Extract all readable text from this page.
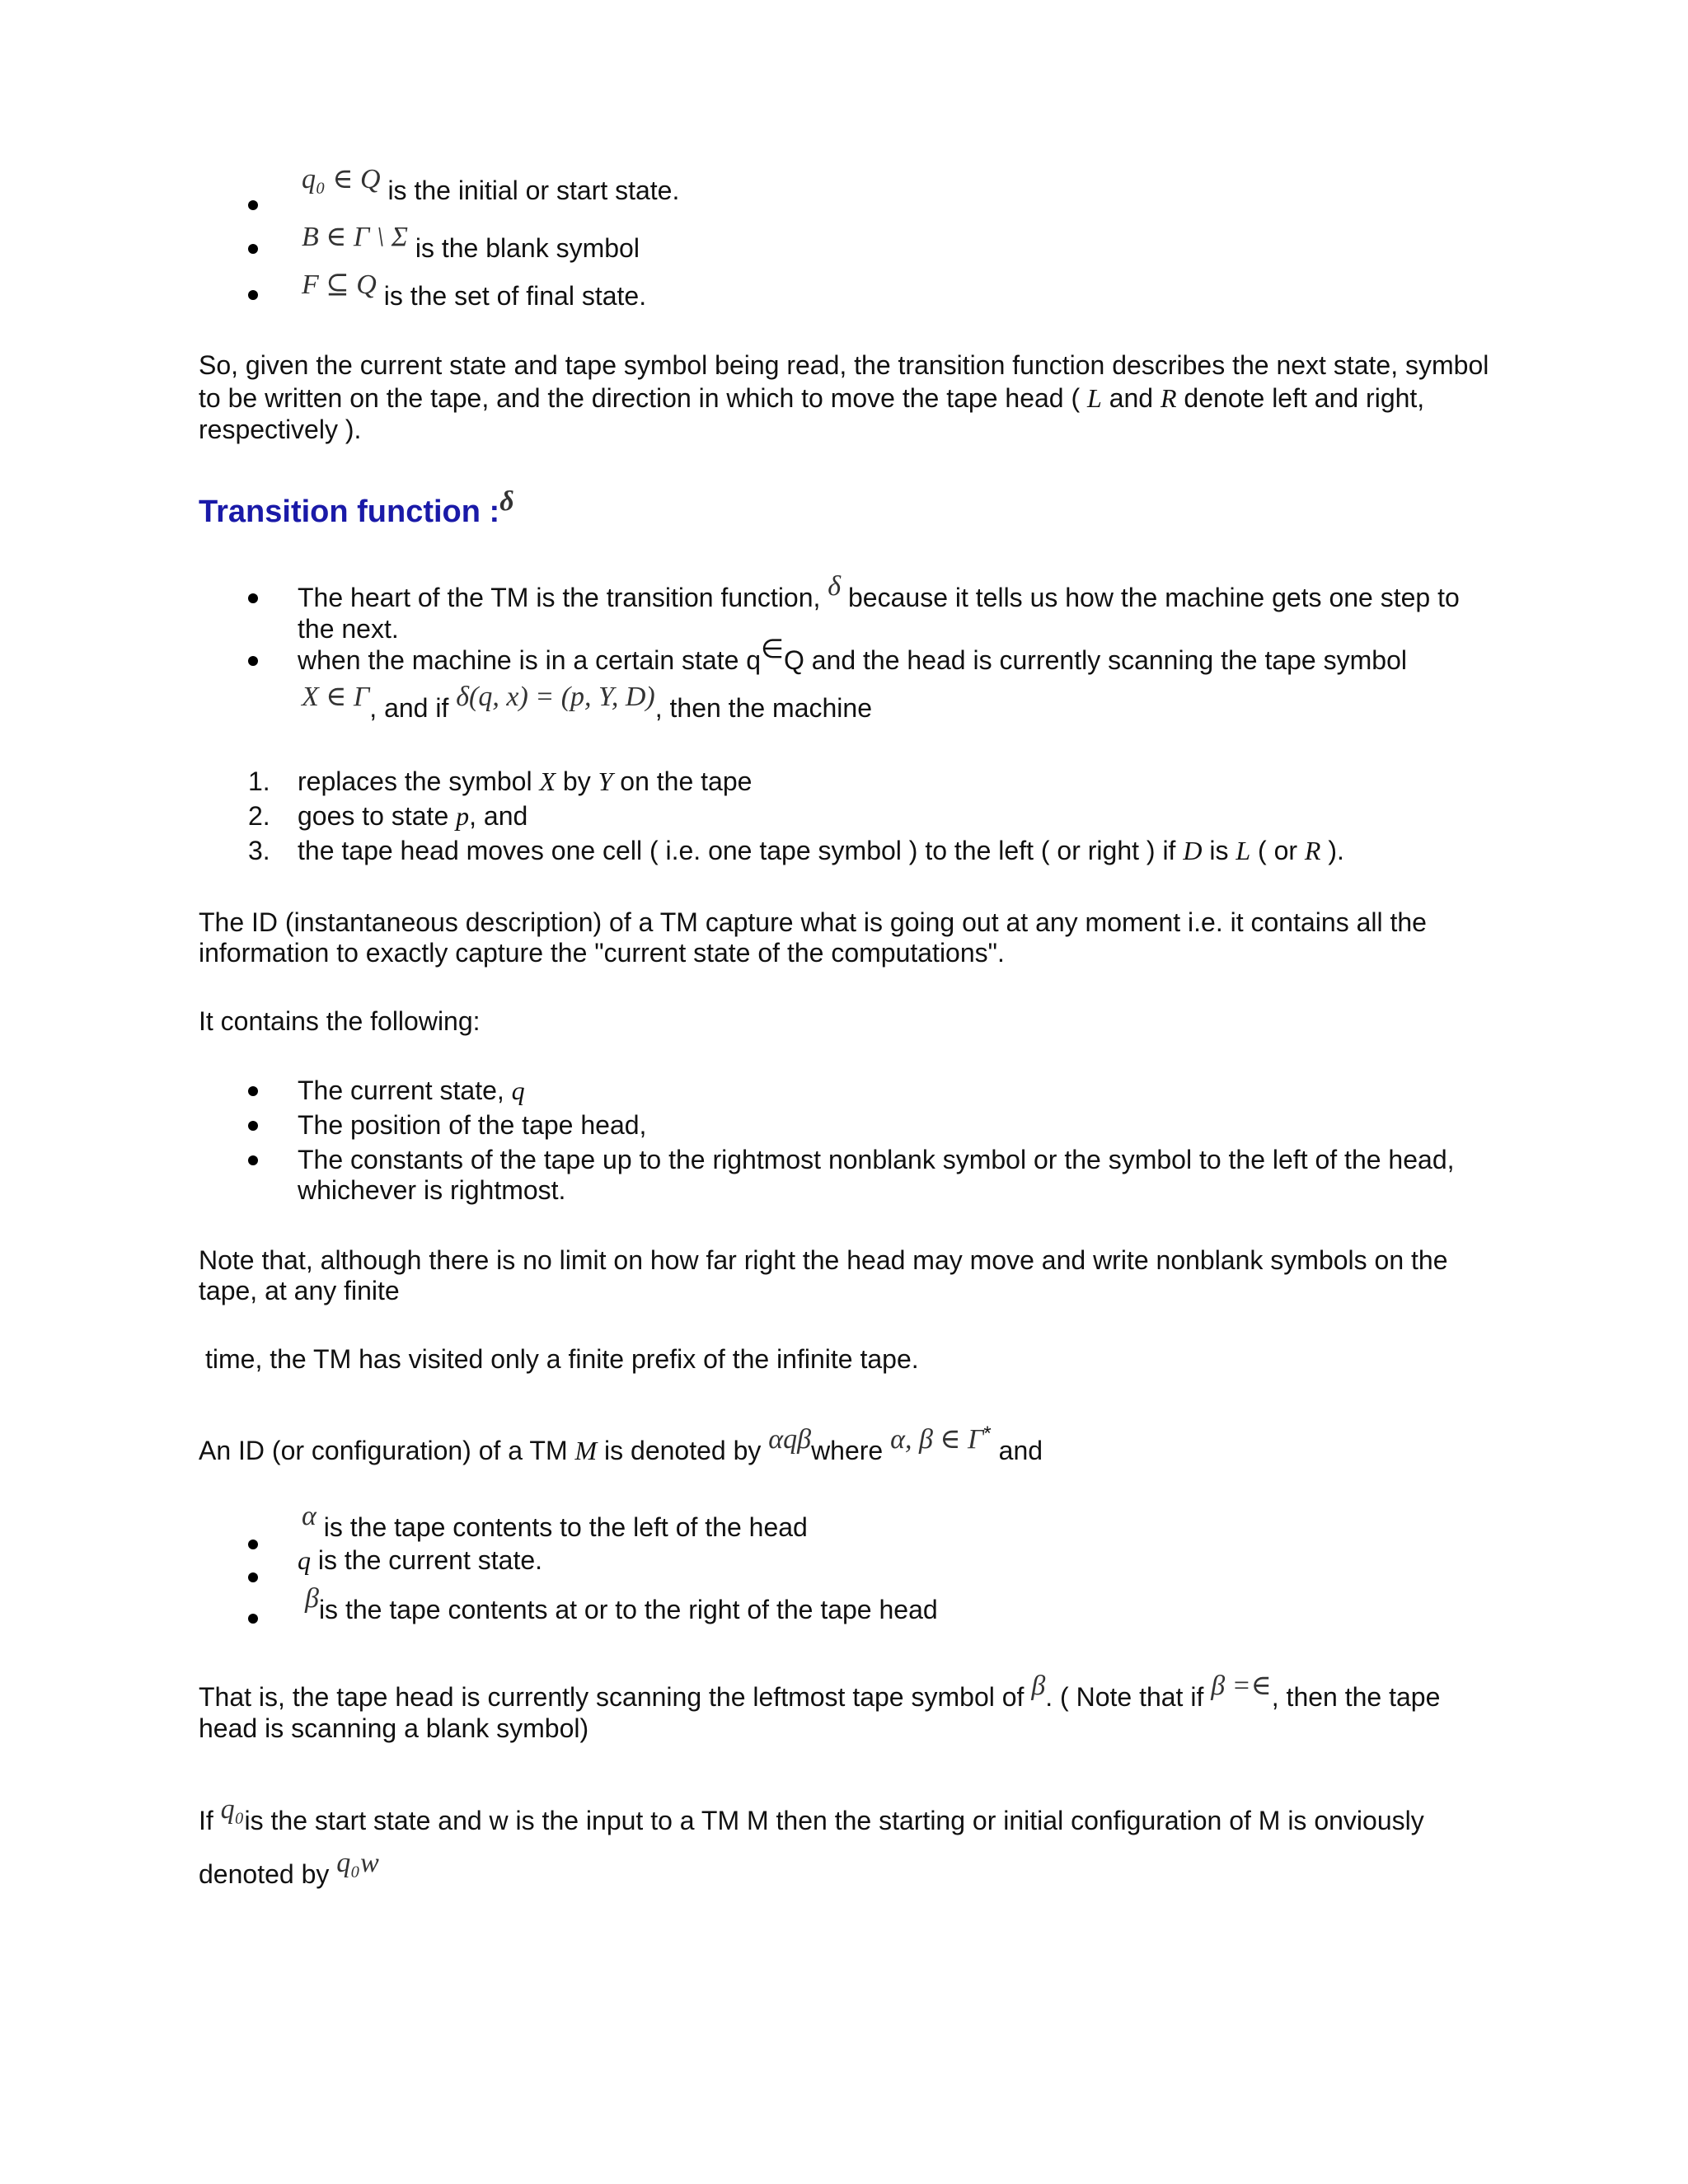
q₀ ∈ Q is the initial or start state.
B ∈ Γ \ Σ is the blank symbol
F ⊆ Q is the set of final state.
So, given the current state and tape symbol being read, the transition function describes the next state, symbol
to be written on the tape, and the direction in which to move the tape head ( L and R denote left and right,
respectively ).
Transition function :δ
The heart of the TM is the transition function, δ because it tells us how the machine gets one step to
the next.
when the machine is in a certain state q∈Q and the head is currently scanning the tape symbol
X ∈ Γ, and if δ(q, x) = (p, Y, D), then the machine
1. replaces the symbol X by Y on the tape
2. goes to state p, and
3. the tape head moves one cell ( i.e. one tape symbol ) to the left ( or right ) if D is L ( or R ).
The ID (instantaneous description) of a TM capture what is going out at any moment i.e. it contains all the
information to exactly capture the "current state of the computations".
It contains the following:
The current state, q
The position of the tape head,
The constants of the tape up to the rightmost nonblank symbol or the symbol to the left of the head,
whichever is rightmost.
Note that, although there is no limit on how far right the head may move and write nonblank symbols on the
tape, at any finite
time, the TM has visited only a finite prefix of the infinite tape.
An ID (or configuration) of a TM M is denoted by αqβwhere α, β ∈ Γ* and
α is the tape contents to the left of the head
q is the current state.
βis the tape contents at or to the right of the tape head
That is, the tape head is currently scanning the leftmost tape symbol of β. ( Note that if β =∈, then the tape
head is scanning a blank symbol)
If q₀is the start state and w is the input to a TM M then the starting or initial configuration of M is onviously
denoted by q₀w
